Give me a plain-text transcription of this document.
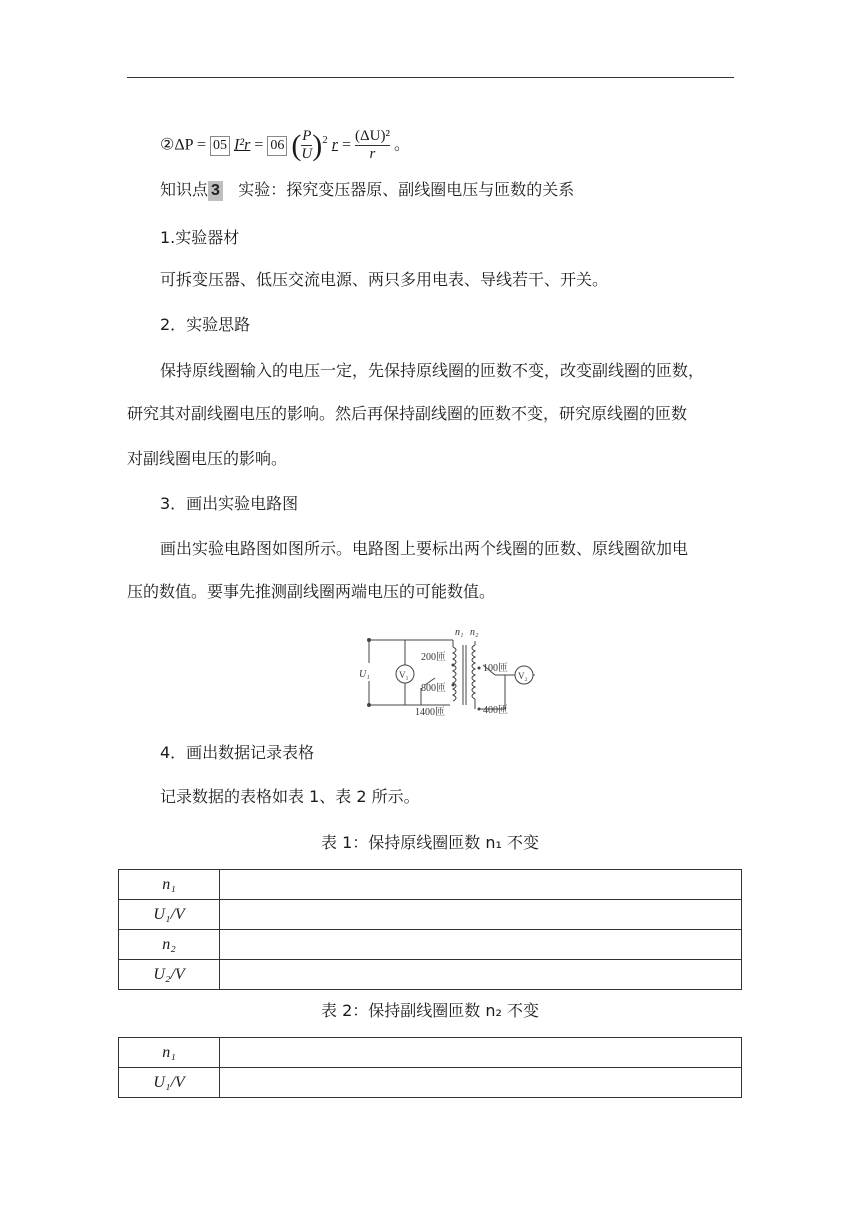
②ΔP = 05 I²r = 06 ( $\frac{P}{U} )^2$ $r = \frac{\text{(ΔU)²}}{r}$ 。
知识点 3 实验：探究变压器原、副线圈电压与匝数的关系
1.实验器材
可拆变压器、低压交流电源、两只多用电表、导线若干、开关。
2．实验思路
保持原线圈输入的电压一定，先保持原线圈的匝数不变，改变副线圈的匝数，
研究其对副线圈电压的影响。然后再保持副线圈的匝数不变，研究原线圈的匝数
对副线圈电压的影响。
3．画出实验电路图
画出实验电路图如图所示。电路图上要标出两个线圈的匝数、原线圈欲加电
压的数值。要事先推测副线圈两端电压的可能数值。
n₁ n₂
U₁	V₁	V₂
200匝
800匝
1400匝
100匝
400匝
4．画出数据记录表格
记录数据的表格如表 1、表 2 所示。
表 1：保持原线圈匝数 n₁ 不变
n₁	
U₁/V	
n₂	
U₂/V	
表 2：保持副线圈匝数 n₂ 不变
n₁	
U₁/V	
